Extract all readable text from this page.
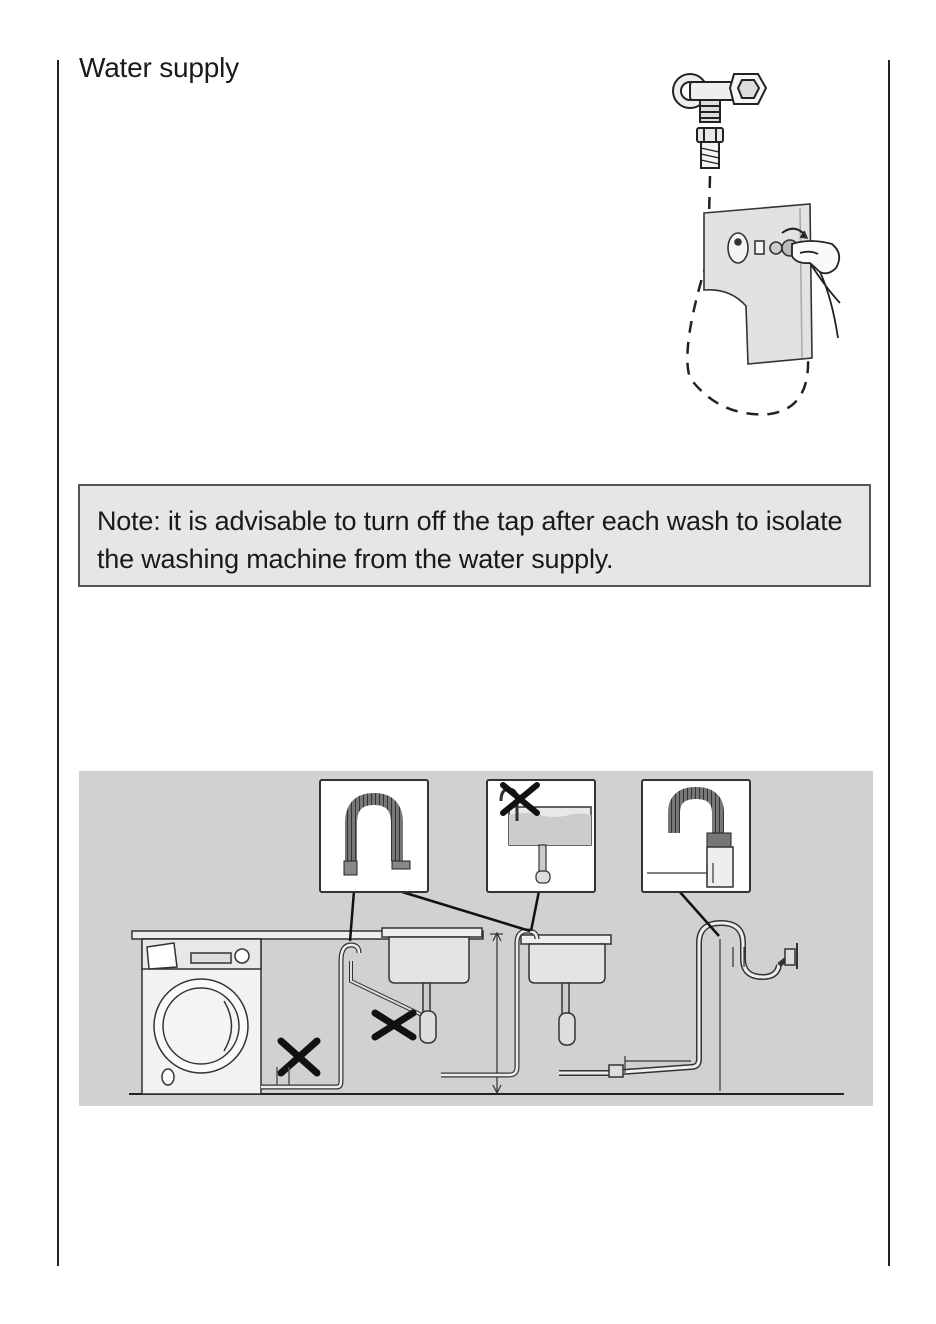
Water supply
Note: it is advisable to turn off the tap after each wash to isolate the washing machine from the water supply.
